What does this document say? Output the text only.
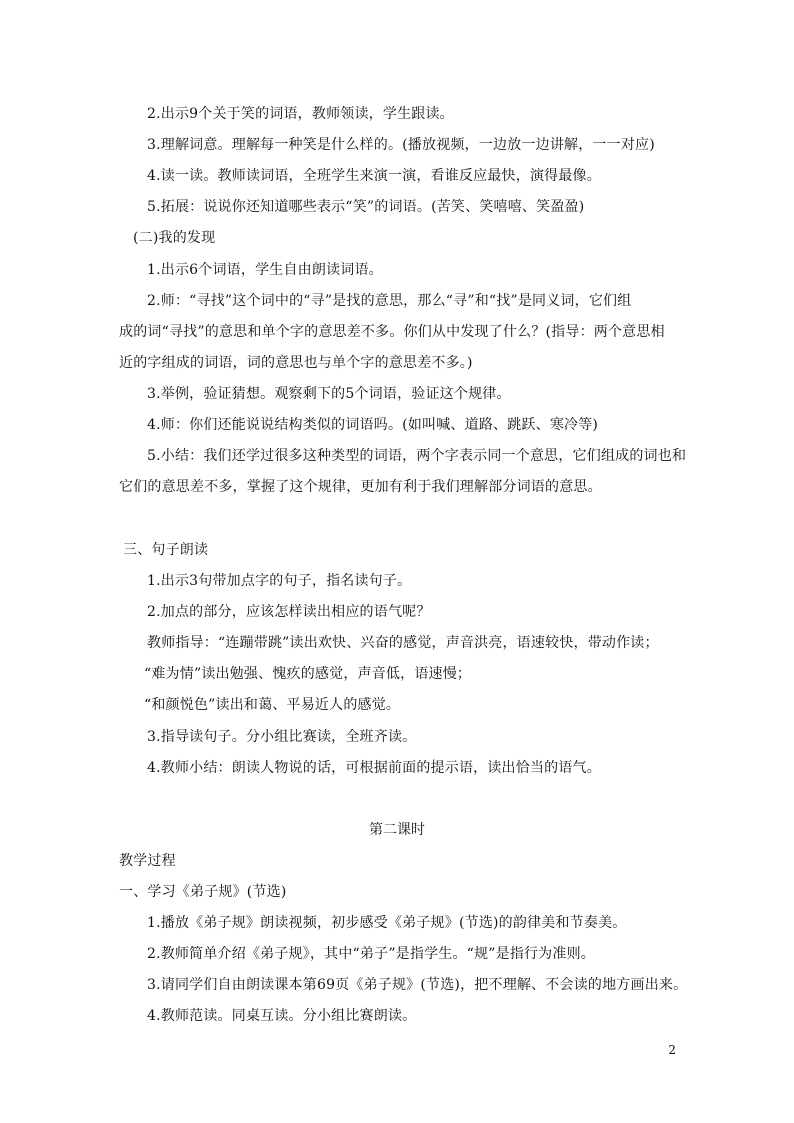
2.出示9个关于笑的词语，教师领读，学生跟读。
3.理解词意。理解每一种笑是什么样的。(播放视频，一边放一边讲解，一一对应)
4.读一读。教师读词语，全班学生来演一演，看谁反应最快，演得最像。
5.拓展：说说你还知道哪些表示“笑”的词语。(苦笑、笑嘻嘻、笑盈盈)
(二)我的发现
1.出示6个词语，学生自由朗读词语。
2.师：“寻找”这个词中的“寻”是找的意思，那么“寻”和“找”是同义词，它们组
成的词“寻找”的意思和单个字的意思差不多。你们从中发现了什么？(指导：两个意思相
近的字组成的词语，词的意思也与单个字的意思差不多。)
3.举例，验证猜想。观察剩下的5个词语，验证这个规律。
4.师：你们还能说说结构类似的词语吗。(如叫喊、道路、跳跃、寒冷等)
5.小结：我们还学过很多这种类型的词语，两个字表示同一个意思，它们组成的词也和
它们的意思差不多，掌握了这个规律，更加有利于我们理解部分词语的意思。
三、句子朗读
1.出示3句带加点字的句子，指名读句子。
2.加点的部分，应该怎样读出相应的语气呢？
教师指导：“连蹦带跳”读出欢快、兴奋的感觉，声音洪亮，语速较快，带动作读；
“难为情”读出勉强、愧疚的感觉，声音低，语速慢；
“和颜悦色”读出和蔼、平易近人的感觉。
3.指导读句子。分小组比赛读，全班齐读。
4.教师小结：朗读人物说的话，可根据前面的提示语，读出恰当的语气。
第二课时
教学过程
一、学习《弟子规》(节选)
1.播放《弟子规》朗读视频，初步感受《弟子规》(节选)的韵律美和节奏美。
2.教师简单介绍《弟子规》，其中“弟子”是指学生。“规”是指行为准则。
3.请同学们自由朗读课本第69页《弟子规》(节选)，把不理解、不会读的地方画出来。
4.教师范读。同桌互读。分小组比赛朗读。
2
